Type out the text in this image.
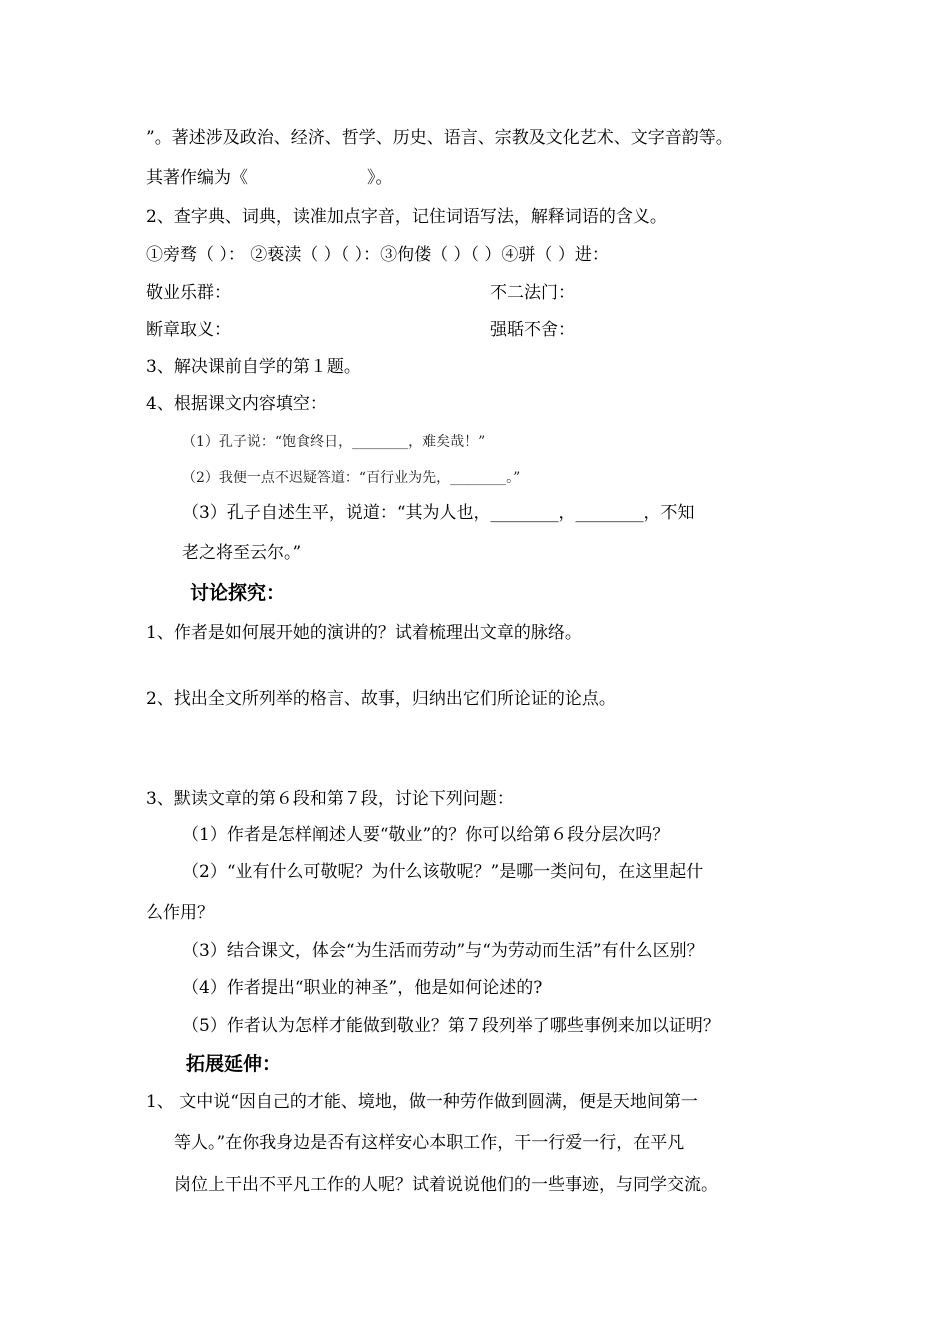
”。著述涉及政治、经济、哲学、历史、语言、宗教及文化艺术、文字音韵等。
其著作编为《　　　　　　　》。
2、查字典、词典，读准加点字音，记住词语写法，解释词语的含义。
①旁骛（ ）： ②亵渎（ ）（ ）：③佝偻（ ）（ ）④骈（ ）进：
敬业乐群：	不二法门：
断章取义：	强聒不舍：
3、解决课前自学的第１题。
4、根据课文内容填空：
（1）孔子说：“饱食终日，________，难矣哉！”
（2）我便一点不迟疑答道：“百行业为先，________。”
（3）孔子自述生平，说道：“其为人也，________，________，不知
老之将至云尔。”
讨论探究：
1、作者是如何展开她的演讲的？试着梳理出文章的脉络。
2、找出全文所列举的格言、故事，归纳出它们所论证的论点。
3、默读文章的第６段和第７段，讨论下列问题：
（1）作者是怎样阐述人要“敬业”的？你可以给第６段分层次吗？
（2）“业有什么可敬呢？为什么该敬呢？”是哪一类问句，在这里起什
么作用？
（3）结合课文，体会“为生活而劳动”与“为劳动而生活”有什么区别？
（4）作者提出“职业的神圣”，他是如何论述的?
（5）作者认为怎样才能做到敬业？第７段列举了哪些事例来加以证明？
拓展延伸：
1、 文中说“因自己的才能、境地，做一种劳作做到圆满，便是天地间第一
等人。”在你我身边是否有这样安心本职工作，干一行爱一行，在平凡
岗位上干出不平凡工作的人呢？试着说说他们的一些事迹，与同学交流。
